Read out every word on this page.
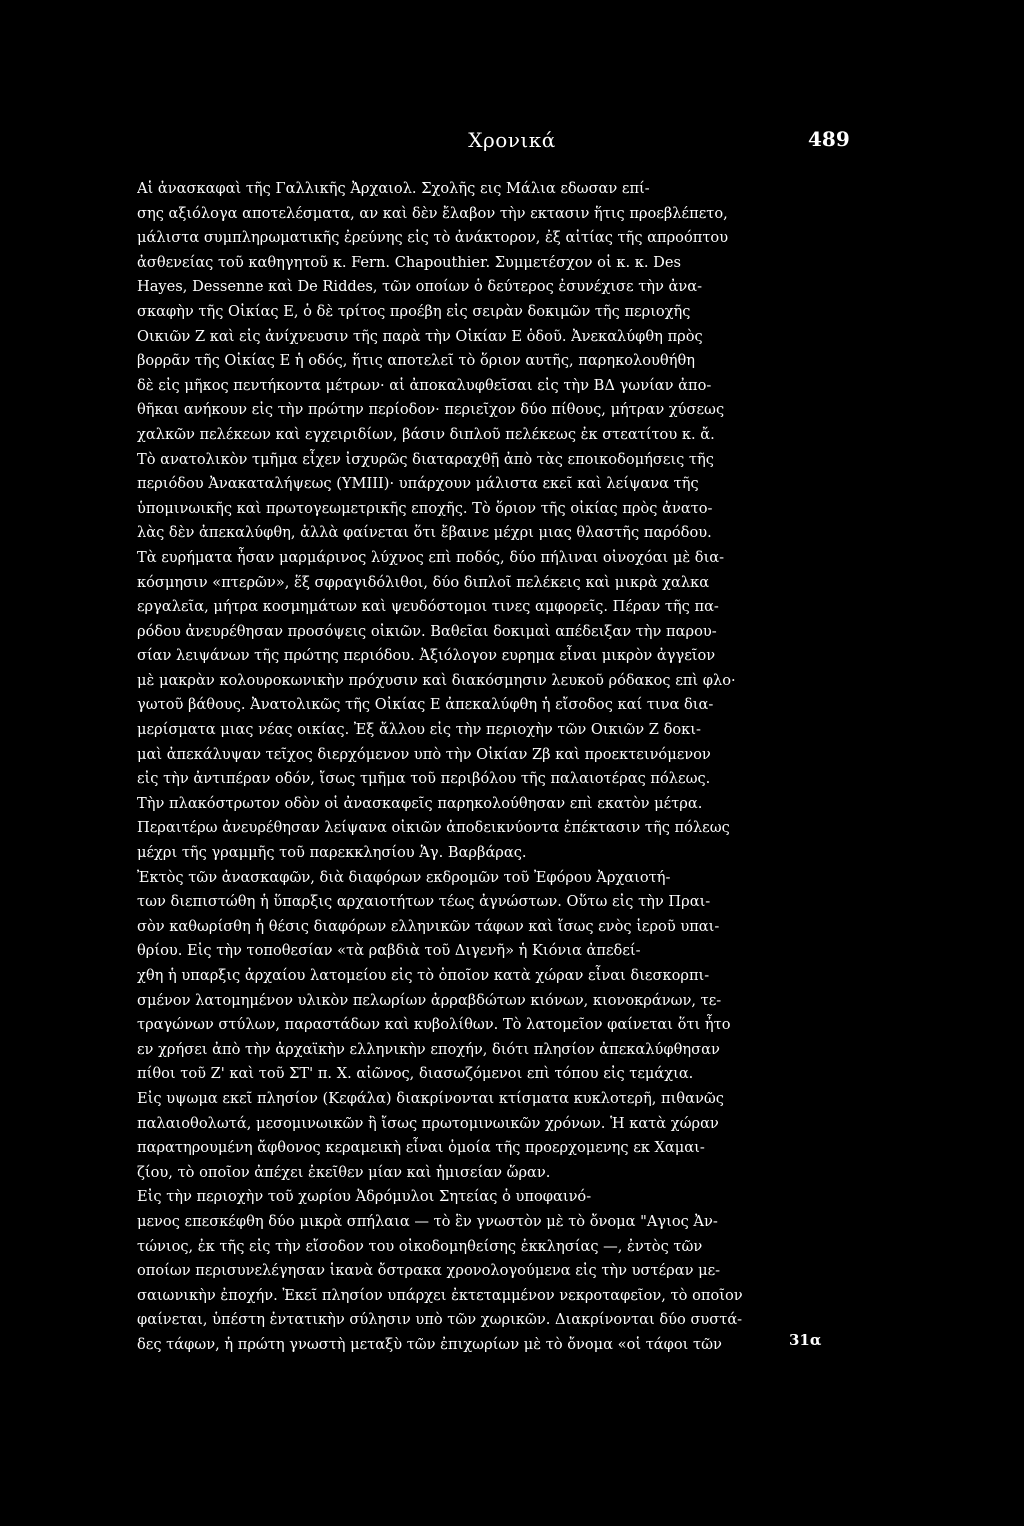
Χρονικά	489
Αἱ ἀνασκαφαὶ τῆς Γαλλικῆς Ἀρχαιολ. Σχολῆς εις Μάλια εδωσαν επί-
σης αξιόλογα αποτελέσματα, αν καὶ δὲν ἔλαβον τὴν εκτασιν ἥτις προεβλέπετο,
μάλιστα συμπληρωματικῆς ἐρεύνης εἰς τὸ ἀνάκτορον, ἐξ αἰτίας τῆς απροόπτου
ἀσθενείας τοῦ καθηγητοῦ κ. Fern. Chapouthier. Συμμετέσχον οἱ κ. κ. Des
Hayes, Dessenne καὶ De Riddes, τῶν οποίων ὁ δεύτερος ἐσυνέχισε τὴν ἀνα-
σκαφὴν τῆς Οἰκίας Ε, ὁ δὲ τρίτος προέβη εἰς σειρὰν δοκιμῶν τῆς περιοχῆς
Οικιῶν Ζ καὶ εἰς ἀνίχνευσιν τῆς παρὰ τὴν Οἰκίαν Ε ὁδοῦ. Ἀνεκαλύφθη πρὸς
βορρᾶν τῆς Οἰκίας Ε ἡ οδός, ἥτις αποτελεῖ τὸ ὅριον αυτῆς, παρηκολουθήθη
δὲ εἰς μῆκος πεντήκοντα μέτρων· αἱ ἀποκαλυφθεῖσαι εἰς τὴν ΒΔ γωνίαν ἀπο-
θῆκαι ανήκουν εἰς τὴν πρώτην περίοδον· περιεῖχον δύο πίθους, μήτραν χύσεως
χαλκῶν πελέκεων καὶ εγχειριδίων, βάσιν διπλοῦ πελέκεως ἐκ στεατίτου κ. ἄ.
Τὸ ανατολικὸν τμῆμα εἶχεν ἰσχυρῶς διαταραχθῇ ἀπὸ τὰς εποικοδομήσεις τῆς
περιόδου Ἀνακαταλήψεως (ΥΜΙΙΙ)· υπάρχουν μάλιστα εκεῖ καὶ λείψανα τῆς
ὑπομινωικῆς καὶ πρωτογεωμετρικῆς εποχῆς. Τὸ ὅριον τῆς οἰκίας πρὸς ἀνατο-
λὰς δὲν ἀπεκαλύφθη, ἀλλὰ φαίνεται ὅτι ἔβαινε μέχρι μιας θλαστῆς παρόδου.
Τὰ ευρήματα ἦσαν μαρμάρινος λύχνος επὶ ποδός, δύο πήλιναι οἰνοχόαι μὲ δια-
κόσμησιν «πτερῶν», ἕξ σφραγιδόλιθοι, δύο διπλοῖ πελέκεις καὶ μικρὰ χαλκα
εργαλεῖα, μήτρα κοσμημάτων καὶ ψευδόστομοι τινες αμφορεῖς. Πέραν τῆς πα-
ρόδου ἀνευρέθησαν προσόψεις οἰκιῶν. Βαθεῖαι δοκιμαὶ απέδειξαν τὴν παρου-
σίαν λειψάνων τῆς πρώτης περιόδου. Ἀξιόλογον ευρημα εἶναι μικρὸν ἀγγεῖον
μὲ μακρὰν κολουροκωνικὴν πρόχυσιν καὶ διακόσμησιν λευκοῦ ρόδακος επὶ φλο·
γωτοῦ βάθους. Ἀνατολικῶς τῆς Οἰκίας Ε ἀπεκαλύφθη ἡ εἴσοδος καί τινα δια-
μερίσματα μιας νέας οικίας. Ἐξ ἄλλου εἰς τὴν περιοχὴν τῶν Οικιῶν Ζ δοκι-
μαὶ ἀπεκάλυψαν τεῖχος διερχόμενον υπὸ τὴν Οἰκίαν Ζβ καὶ προεκτεινόμενον
εἰς τὴν ἀντιπέραν οδόν, ἴσως τμῆμα τοῦ περιβόλου τῆς παλαιοτέρας πόλεως.
Τὴν πλακόστρωτον οδὸν οἱ ἀνασκαφεῖς παρηκολούθησαν επὶ εκατὸν μέτρα.
Περαιτέρω ἀνευρέθησαν λείψανα οἰκιῶν ἀποδεικνύοντα ἐπέκτασιν τῆς πόλεως
μέχρι τῆς γραμμῆς τοῦ παρεκκλησίου Ἁγ. Βαρβάρας.
Ἐκτὸς τῶν ἀνασκαφῶν, διὰ διαφόρων εκδρομῶν τοῦ Ἐφόρου Ἀρχαιοτή-
των διεπιστώθη ἡ ὕπαρξις αρχαιοτήτων τέως ἀγνώστων. Οὕτω εἰς τὴν Πραι-
σὸν καθωρίσθη ἡ θέσις διαφόρων ελληνικῶν τάφων καὶ ἴσως ενὸς ἱεροῦ υπαι-
θρίου. Εἰς τὴν τοποθεσίαν «τὰ ραβδιὰ τοῦ Διγενῆ» ἡ Κιόνια ἀπεδεί-
χθη ἡ υπαρξις ἀρχαίου λατομείου εἰς τὸ ὁποῖον κατὰ χώραν εἶναι διεσκορπι-
σμένον λατομημένον υλικὸν πελωρίων ἀρραβδώτων κιόνων, κιονοκράνων, τε-
τραγώνων στύλων, παραστάδων καὶ κυβολίθων. Τὸ λατομεῖον φαίνεται ὅτι ἦτο
εν χρήσει ἀπὸ τὴν ἀρχαϊκὴν ελληνικὴν εποχήν, διότι πλησίον ἀπεκαλύφθησαν
πίθοι τοῦ Ζ' καὶ τοῦ ΣΤ' π. Χ. αἰῶνος, διασωζόμενοι επὶ τόπου εἰς τεμάχια.
Εἰς υψωμα εκεῖ πλησίον (Κεφάλα) διακρίνονται κτίσματα κυκλοτερῆ, πιθανῶς
παλαιοθολωτά, μεσομινωικῶν ἢ ἴσως πρωτομινωικῶν χρόνων. Ἡ κατὰ χώραν
παρατηρουμένη ἄφθονος κεραμεικὴ εἶναι ὁμοία τῆς προερχομενης εκ Χαμαι-
ζίου, τὸ οποῖον ἀπέχει ἐκεῖθεν μίαν καὶ ἡμισείαν ὥραν.
Εἰς τὴν περιοχὴν τοῦ χωρίου Ἀδρόμυλοι Σητείας ὁ υποφαινό-
μενος επεσκέφθη δύο μικρὰ σπήλαια — τὸ ἓν γνωστὸν μὲ τὸ ὄνομα "Αγιος Ἀν-
τώνιος, ἐκ τῆς εἰς τὴν εἴσοδον του οἰκοδομηθείσης ἐκκλησίας —, ἐντὸς τῶν
οποίων περισυνελέγησαν ἱκανὰ ὄστρακα χρονολογούμενα εἰς τὴν υστέραν με-
σαιωνικὴν ἐποχήν. Ἐκεῖ πλησίον υπάρχει ἐκτεταμμένον νεκροταφεῖον, τὸ οποῖον
φαίνεται, ὑπέστη ἐντατικὴν σύλησιν υπὸ τῶν χωρικῶν. Διακρίνονται δύο συστά-
δες τάφων, ἡ πρώτη γνωστὴ μεταξὺ τῶν ἐπιχωρίων μὲ τὸ ὄνομα «οἱ τάφοι τῶν	31α
